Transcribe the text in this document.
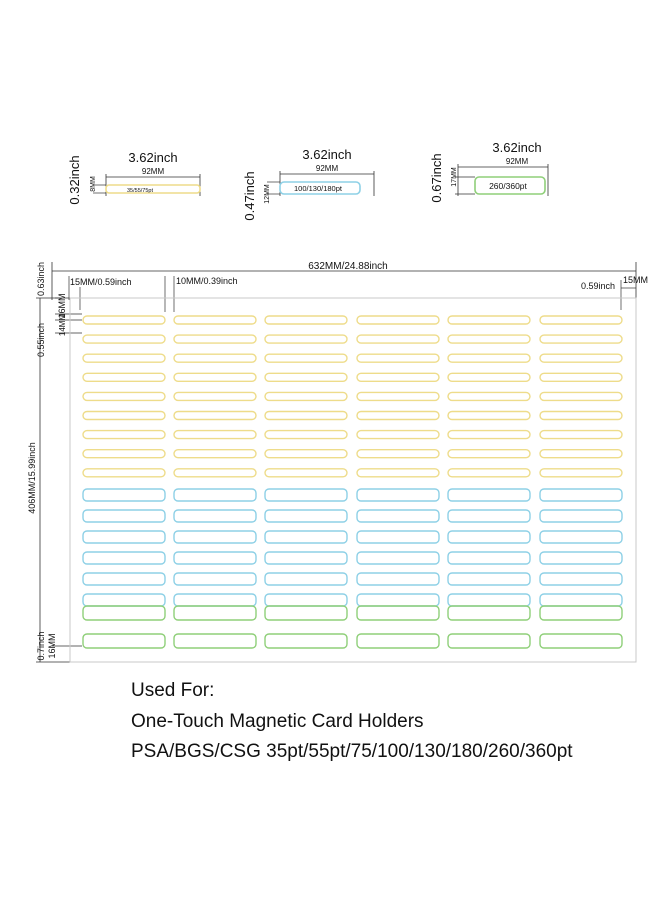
3.62inch
92MM
35/55/75pt
0.32inch 8MM
3.62inch
92MM
100/130/180pt
0.47inch 12MM
3.62inch
92MM
260/360pt
0.67inch 17MM
632MM/24.88inch
15MM/0.59inch	10MM/0.39inch	0.59inch
15MM
0.63inch
16MM
0.55inch 14MM
406MM/15.99inch
0.7inch 16MM
Used For:
One-Touch Magnetic Card Holders
PSA/BGS/CSG 35pt/55pt/75/100/130/180/260/360pt
